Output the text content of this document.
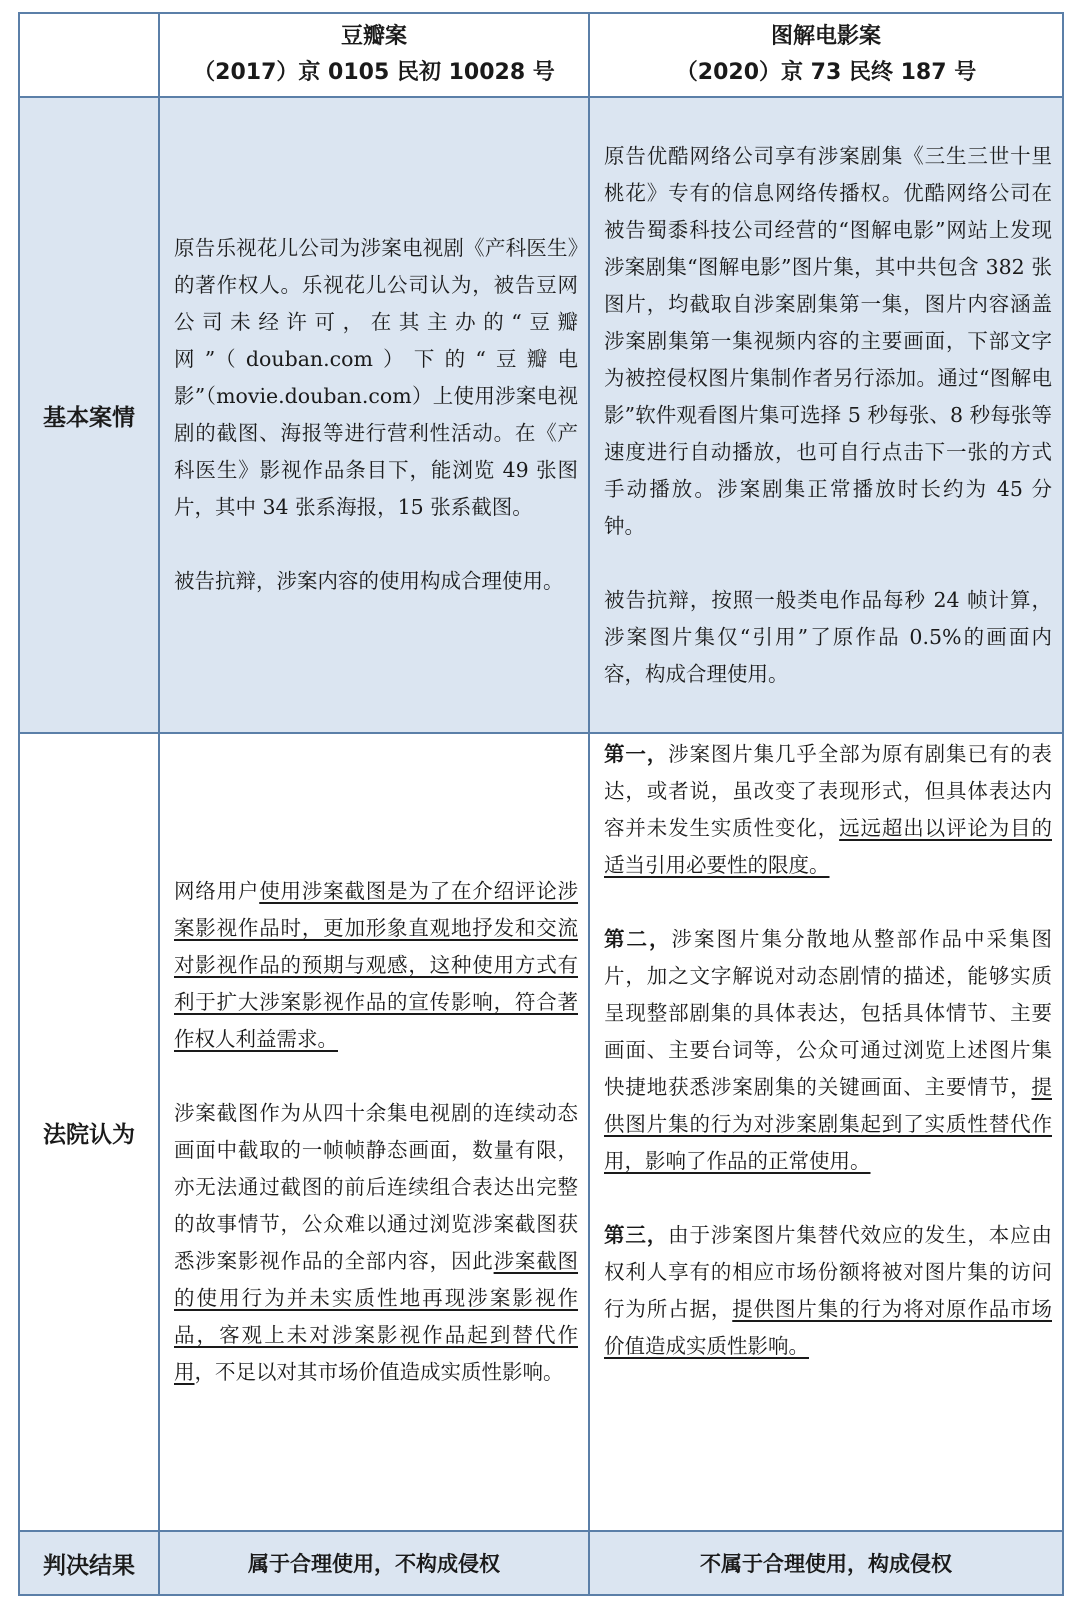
豆瓣案
（2017）京 0105 民初 10028 号
图解电影案
（2020）京 73 民终 187 号
基本案情

原告乐视花儿公司为涉案电视剧《产科医生》的著作权人。乐视花儿公司认为，被告豆网公司未经许可，在其主办的“豆瓣网”（douban.com）下的“豆瓣电影”（movie.douban.com）上使用涉案电视剧的截图、海报等进行营利性活动。在《产科医生》影视作品条目下，能浏览 49 张图片，其中 34 张系海报，15 张系截图。

被告抗辩，涉案内容的使用构成合理使用。

原告优酷网络公司享有涉案剧集《三生三世十里桃花》专有的信息网络传播权。优酷网络公司在被告蜀黍科技公司经营的“图解电影”网站上发现涉案剧集“图解电影”图片集，其中共包含 382 张图片，均截取自涉案剧集第一集，图片内容涵盖涉案剧集第一集视频内容的主要画面，下部文字为被控侵权图片集制作者另行添加。通过“图解电影”软件观看图片集可选择 5 秒每张、8 秒每张等速度进行自动播放，也可自行点击下一张的方式手动播放。涉案剧集正常播放时长约为 45 分钟。

被告抗辩，按照一般类电作品每秒 24 帧计算，涉案图片集仅“引用”了原作品 0.5%的画面内容，构成合理使用。

法院认为

网络用户使用涉案截图是为了在介绍评论涉案影视作品时，更加形象直观地抒发和交流对影视作品的预期与观感，这种使用方式有利于扩大涉案影视作品的宣传影响，符合著作权人利益需求。

涉案截图作为从四十余集电视剧的连续动态画面中截取的一帧帧静态画面，数量有限，亦无法通过截图的前后连续组合表达出完整的故事情节，公众难以通过浏览涉案截图获悉涉案影视作品的全部内容，因此涉案截图的使用行为并未实质性地再现涉案影视作品，客观上未对涉案影视作品起到替代作用，不足以对其市场价值造成实质性影响。

第一，涉案图片集几乎全部为原有剧集已有的表达，或者说，虽改变了表现形式，但具体表达内容并未发生实质性变化，远远超出以评论为目的适当引用必要性的限度。

第二，涉案图片集分散地从整部作品中采集图片，加之文字解说对动态剧情的描述，能够实质呈现整部剧集的具体表达，包括具体情节、主要画面、主要台词等，公众可通过浏览上述图片集快捷地获悉涉案剧集的关键画面、主要情节，提供图片集的行为对涉案剧集起到了实质性替代作用，影响了作品的正常使用。

第三，由于涉案图片集替代效应的发生，本应由权利人享有的相应市场份额将被对图片集的访问行为所占据，提供图片集的行为将对原作品市场价值造成实质性影响。

判决结果	属于合理使用，不构成侵权	不属于合理使用，构成侵权
